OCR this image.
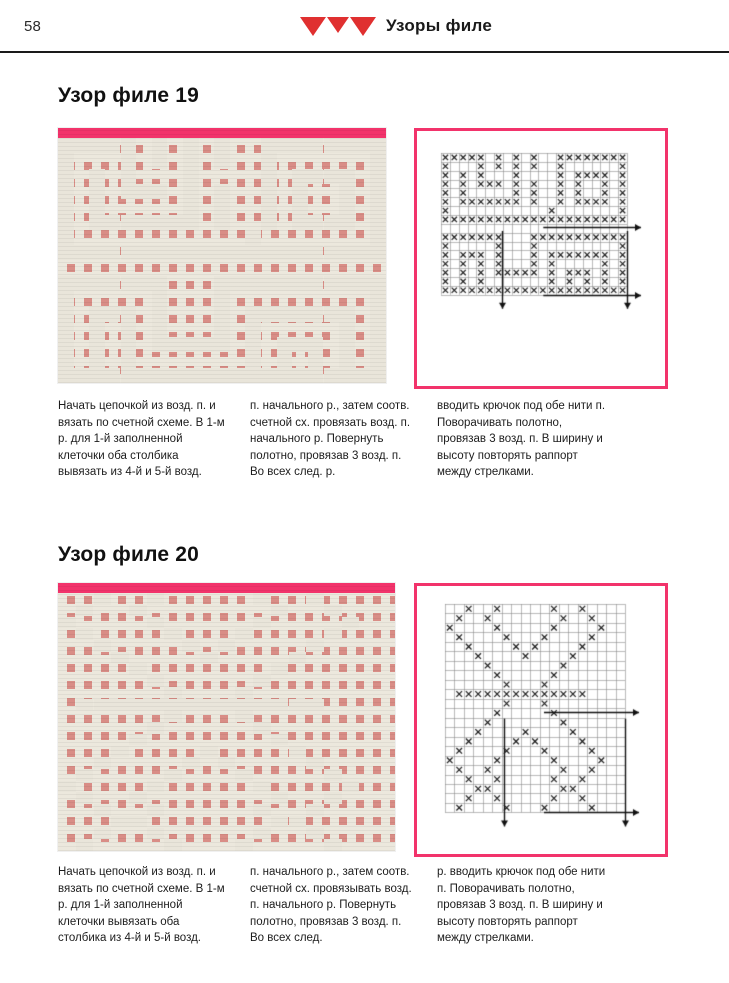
58	Узоры филе
Узор филе 19
Начать цепочкой из возд. п. и вязать по счетной схеме. В 1-м р. для 1-й заполненной клеточки оба столбика вывязать из 4-й и 5-й возд.
п. начального р., затем соотв. счетной сх. провязать возд. п. начального р. Повернуть полотно, провязав 3 возд. п. Во всех след. р.
вводить крючок под обе нити п. Поворачивать полотно, провязав 3 возд. п. В ширину и высоту повторять раппорт между стрелками.
Узор филе 20
Начать цепочкой из возд. п. и вязать по счетной схеме. В 1-м р. для 1-й заполненной клеточки вывязать оба столбика из 4-й и 5-й возд.
п. начального р., затем соотв. счетной сх. провязывать возд. п. начального р. Повернуть полотно, провязав 3 возд. п. Во всех след.
р. вводить крючок под обе нити п. Поворачивать полотно, провязав 3 возд. п. В ширину и высоту повторять раппорт между стрелками.
